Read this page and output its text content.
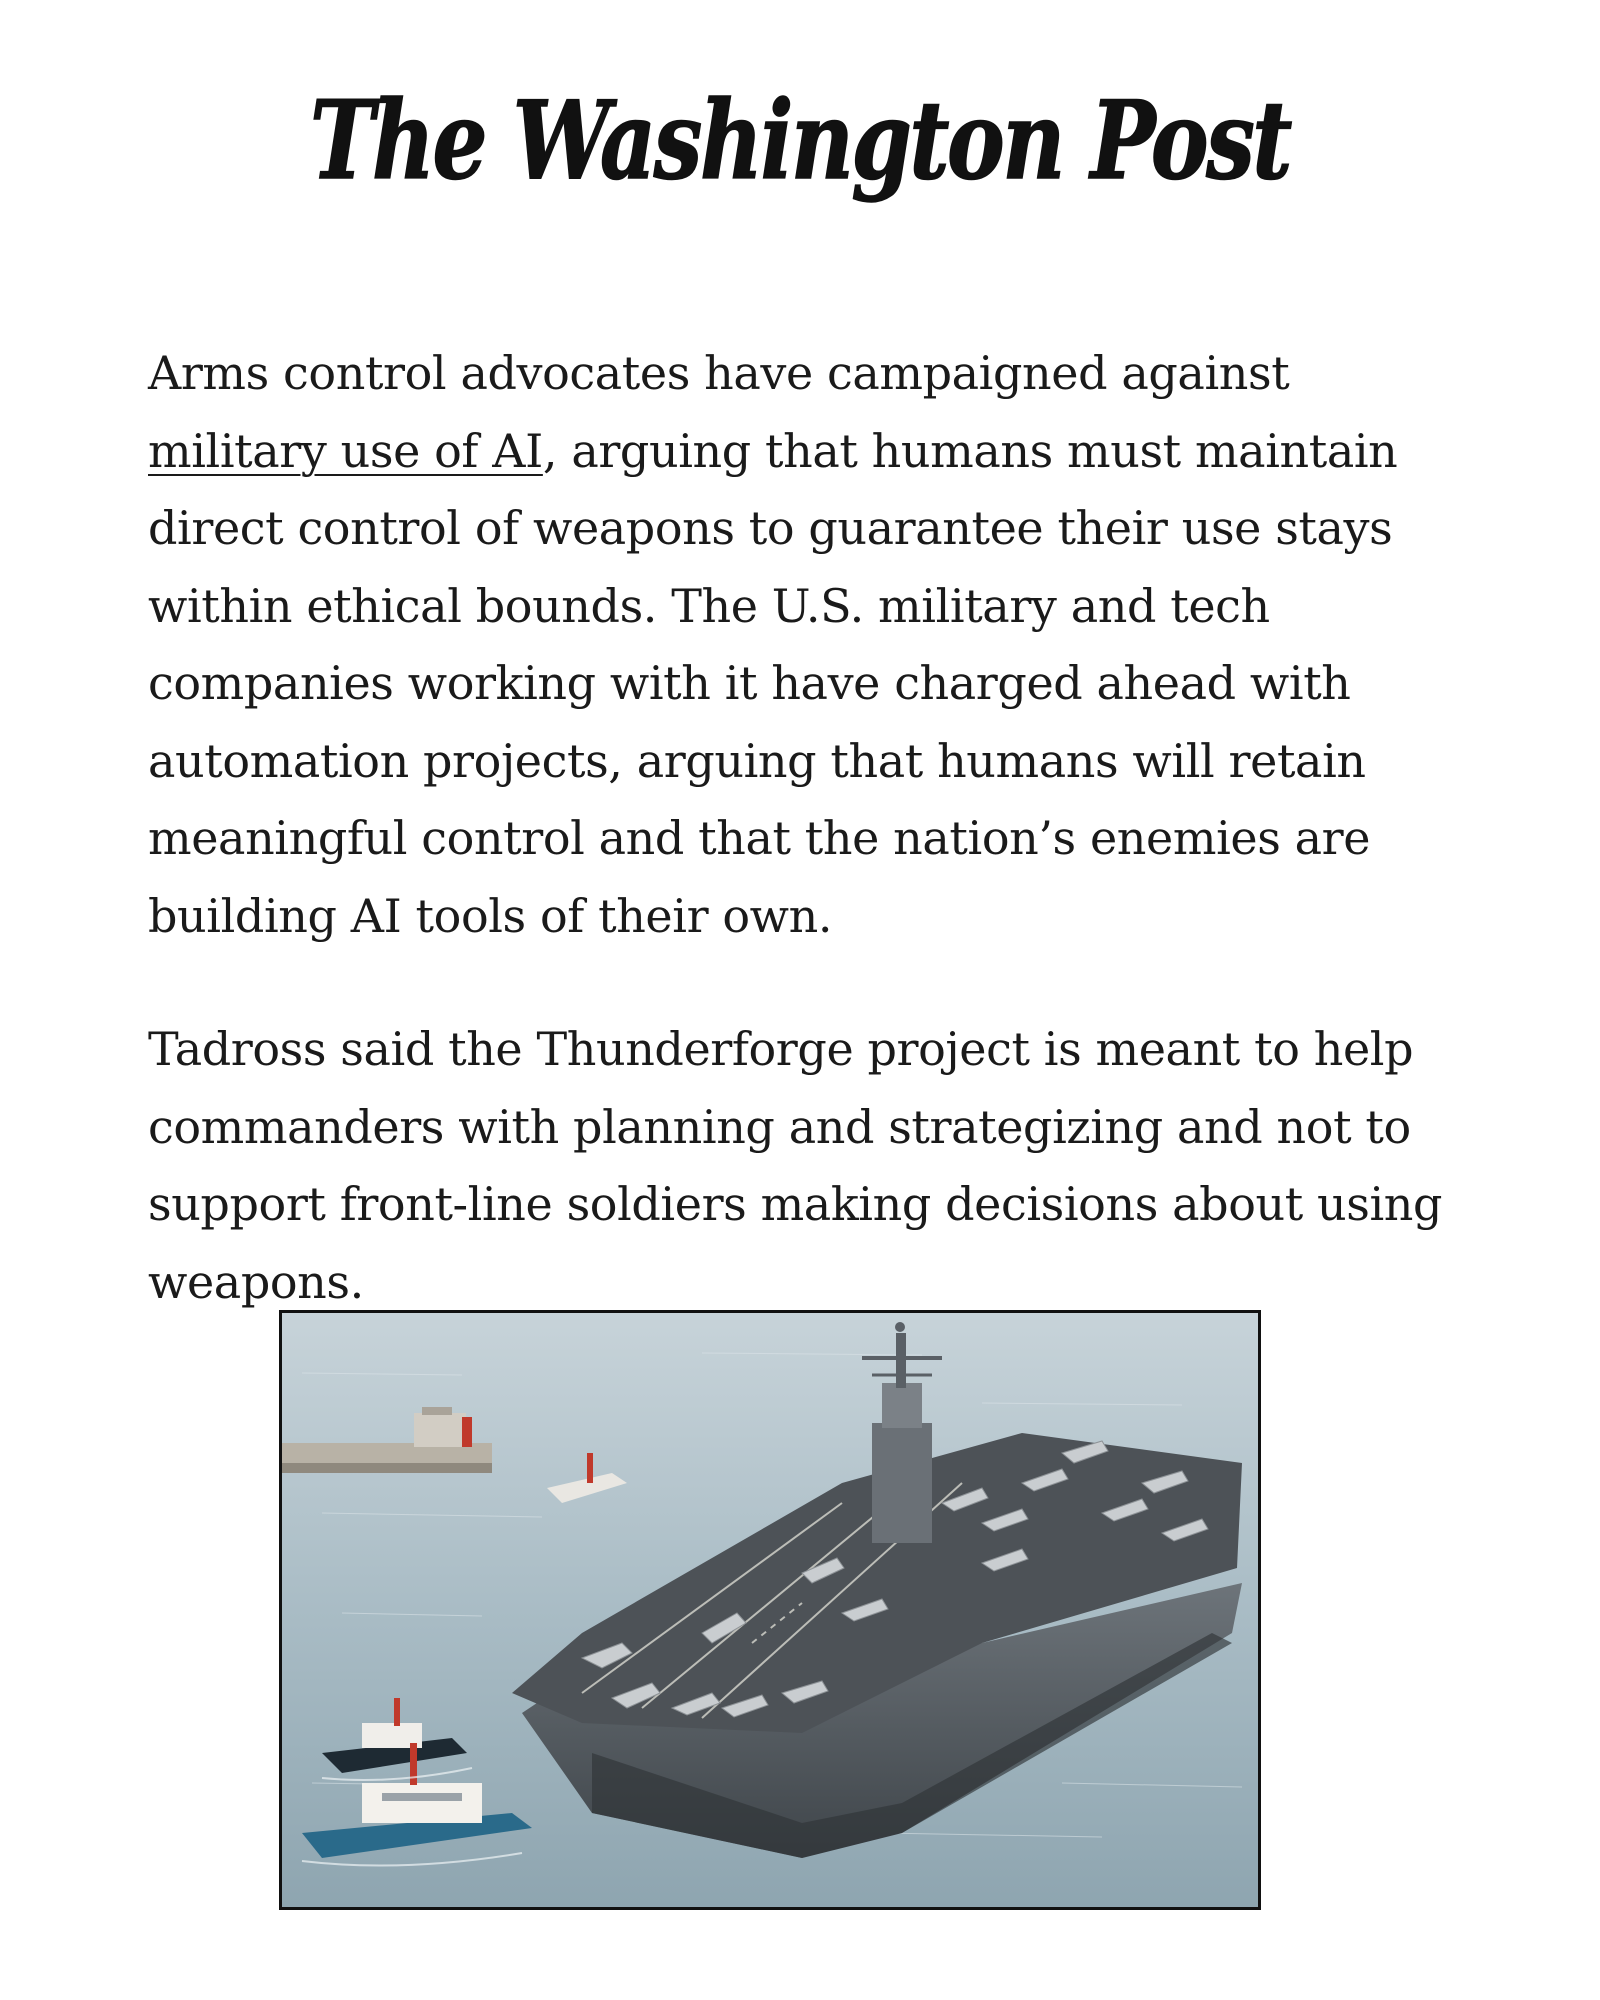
The Washington Post

Arms control advocates have campaigned against military use of AI, arguing that humans must maintain direct control of weapons to guarantee their use stays within ethical bounds. The U.S. military and tech companies working with it have charged ahead with automation projects, arguing that humans will retain meaningful control and that the nation’s enemies are building AI tools of their own.

Tadross said the Thunderforge project is meant to help commanders with planning and strategizing and not to support front-line soldiers making decisions about using weapons.
